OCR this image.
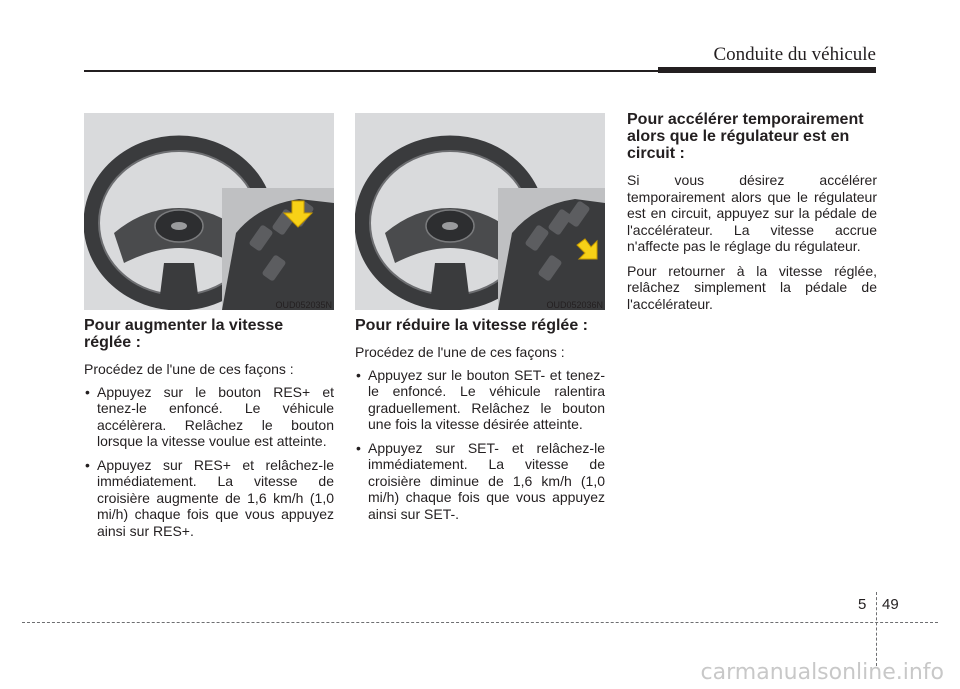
Conduite du véhicule
OUD052035N
Pour augmenter la vitesse réglée :

Procédez de l'une de ces façons :

• Appuyez sur le bouton RES+ et tenez-le enfoncé. Le véhicule accélèrera. Relâchez le bouton lorsque la vitesse voulue est atteinte.
• Appuyez sur RES+ et relâchez-le immédiatement. La vitesse de croisière augmente de 1,6 km/h (1,0 mi/h) chaque fois que vous appuyez ainsi sur RES+.
OUD052036N
Pour réduire la vitesse réglée :

Procédez de l'une de ces façons :

• Appuyez sur le bouton SET- et tenez-le enfoncé. Le véhicule ralentira graduellement. Relâchez le bouton une fois la vitesse désirée atteinte.
• Appuyez sur SET- et relâchez-le immédiatement. La vitesse de croisière diminue de 1,6 km/h (1,0 mi/h) chaque fois que vous appuyez ainsi sur SET-.
Pour accélérer temporairement alors que le régulateur est en circuit :

Si vous désirez accélérer temporairement alors que le régulateur est en circuit, appuyez sur la pédale de l'accélérateur. La vitesse accrue n'affecte pas le réglage du régulateur.

Pour retourner à la vitesse réglée, relâchez simplement la pédale de l'accélérateur.

5 49
carmanualsonline.info
